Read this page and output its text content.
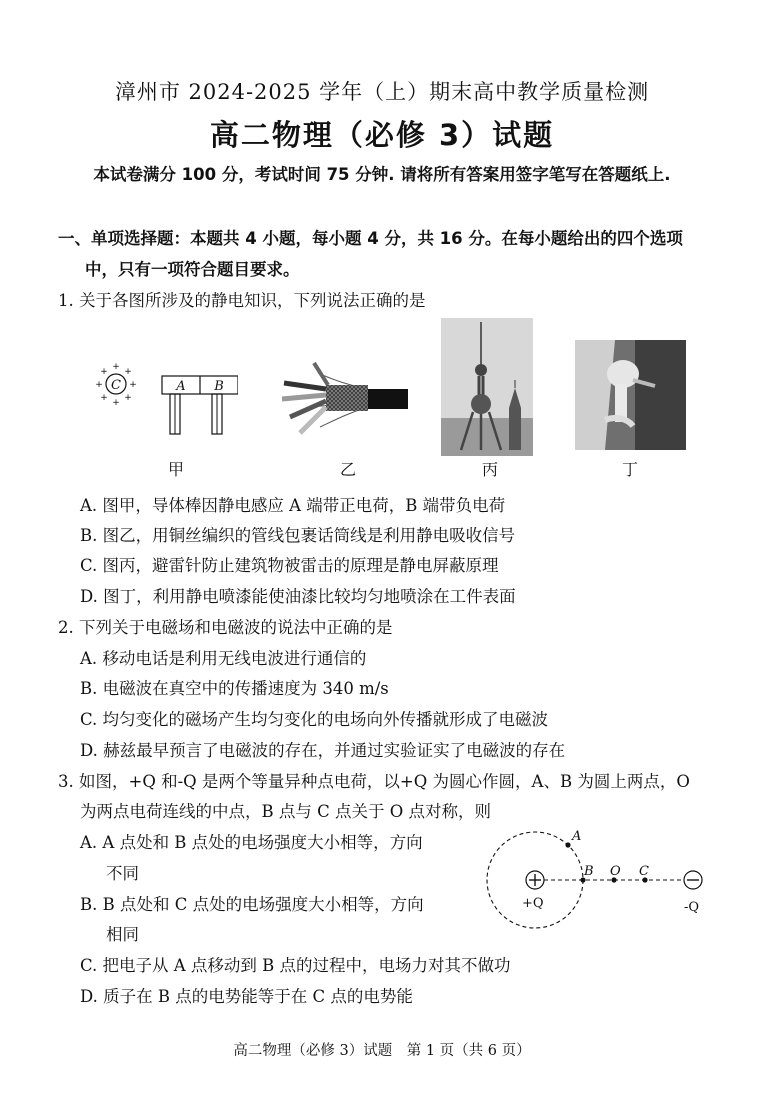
漳州市 2024-2025 学年（上）期末高中教学质量检测
高二物理（必修 3）试题
本试卷满分 100 分，考试时间 75 分钟. 请将所有答案用签字笔写在答题纸上.
一、单项选择题：本题共 4 小题，每小题 4 分，共 16 分。在每小题给出的四个选项
中，只有一项符合题目要求。
1. 关于各图所涉及的静电知识，下列说法正确的是
C
+
+
+	+
+ +
+ +
A B
甲	乙	丙	丁
A. 图甲，导体棒因静电感应 A 端带正电荷，B 端带负电荷
B. 图乙，用铜丝编织的管线包裹话筒线是利用静电吸收信号
C. 图丙，避雷针防止建筑物被雷击的原理是静电屏蔽原理
D. 图丁，利用静电喷漆能使油漆比较均匀地喷涂在工件表面
2. 下列关于电磁场和电磁波的说法中正确的是
A. 移动电话是利用无线电波进行通信的
B. 电磁波在真空中的传播速度为 340 m/s
C. 均匀变化的磁场产生均匀变化的电场向外传播就形成了电磁波
D. 赫兹最早预言了电磁波的存在，并通过实验证实了电磁波的存在
3. 如图，+Q 和-Q 是两个等量异种点电荷，以+Q 为圆心作圆，A、B 为圆上两点，O
为两点电荷连线的中点，B 点与 C 点关于 O 点对称，则
A. A 点处和 B 点处的电场强度大小相等，方向
不同
B. B 点处和 C 点处的电场强度大小相等，方向
相同
C. 把电子从 A 点移动到 B 点的过程中，电场力对其不做功
D. 质子在 B 点的电势能等于在 C 点的电势能
A
B O C
+Q	-Q
高二物理（必修 3）试题　第 1 页（共 6 页）
